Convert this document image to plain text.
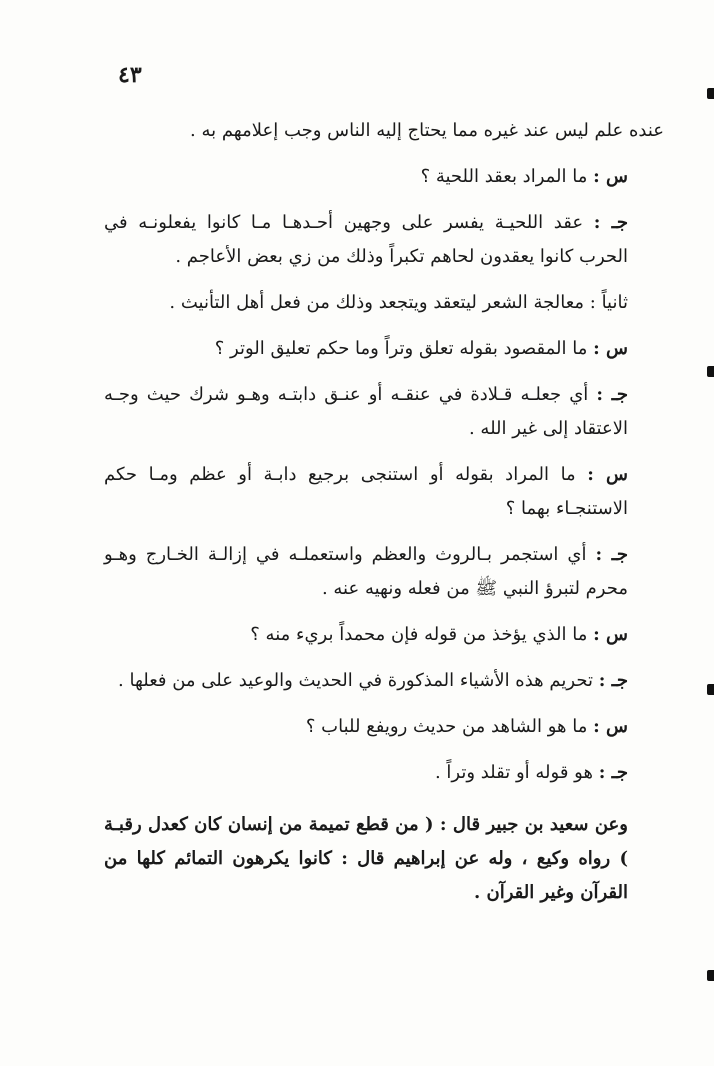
٤٣

عنده علم ليس عند غيره مما يحتاج إليه الناس وجب إعلامهم به .

س : ما المراد بعقد اللحية ؟

جـ : عقد اللحيـة يفسر على وجهين أحـدهـا مـا كانوا يفعلونـه في الحرب كانوا يعقدون لحاهم تكبراً وذلك من زي بعض الأعاجم .

ثانياً : معالجة الشعر ليتعقد ويتجعد وذلك من فعل أهل التأنيث .

س : ما المقصود بقوله تعلق وتراً وما حكم تعليق الوتر ؟

جـ : أي جعلـه قـلادة في عنقـه أو عنـق دابتـه وهـو شرك حيث وجـه الاعتقاد إلى غير الله .

س : ما المراد بقوله أو استنجى برجيع دابـة أو عظم ومـا حكم الاستنجـاء بهما ؟

جـ : أي استجمر بـالروث والعظم واستعملـه في إزالـة الخـارج وهـو محرم لتبرؤ النبي ﷺ من فعله ونهيه عنه .

س : ما الذي يؤخذ من قوله فإن محمداً بريء منه ؟

جـ : تحريم هذه الأشياء المذكورة في الحديث والوعيد على من فعلها .

س : ما هو الشاهد من حديث رويفع للباب ؟

جـ : هو قوله أو تقلد وتراً .

وعن سعيد بن جبير قال : ( من قطع تميمة من إنسان كان كعدل رقبـة ) رواه وكيع ، وله عن إبراهيم قال : كانوا يكرهون التمائم كلها من القرآن وغير القرآن .
